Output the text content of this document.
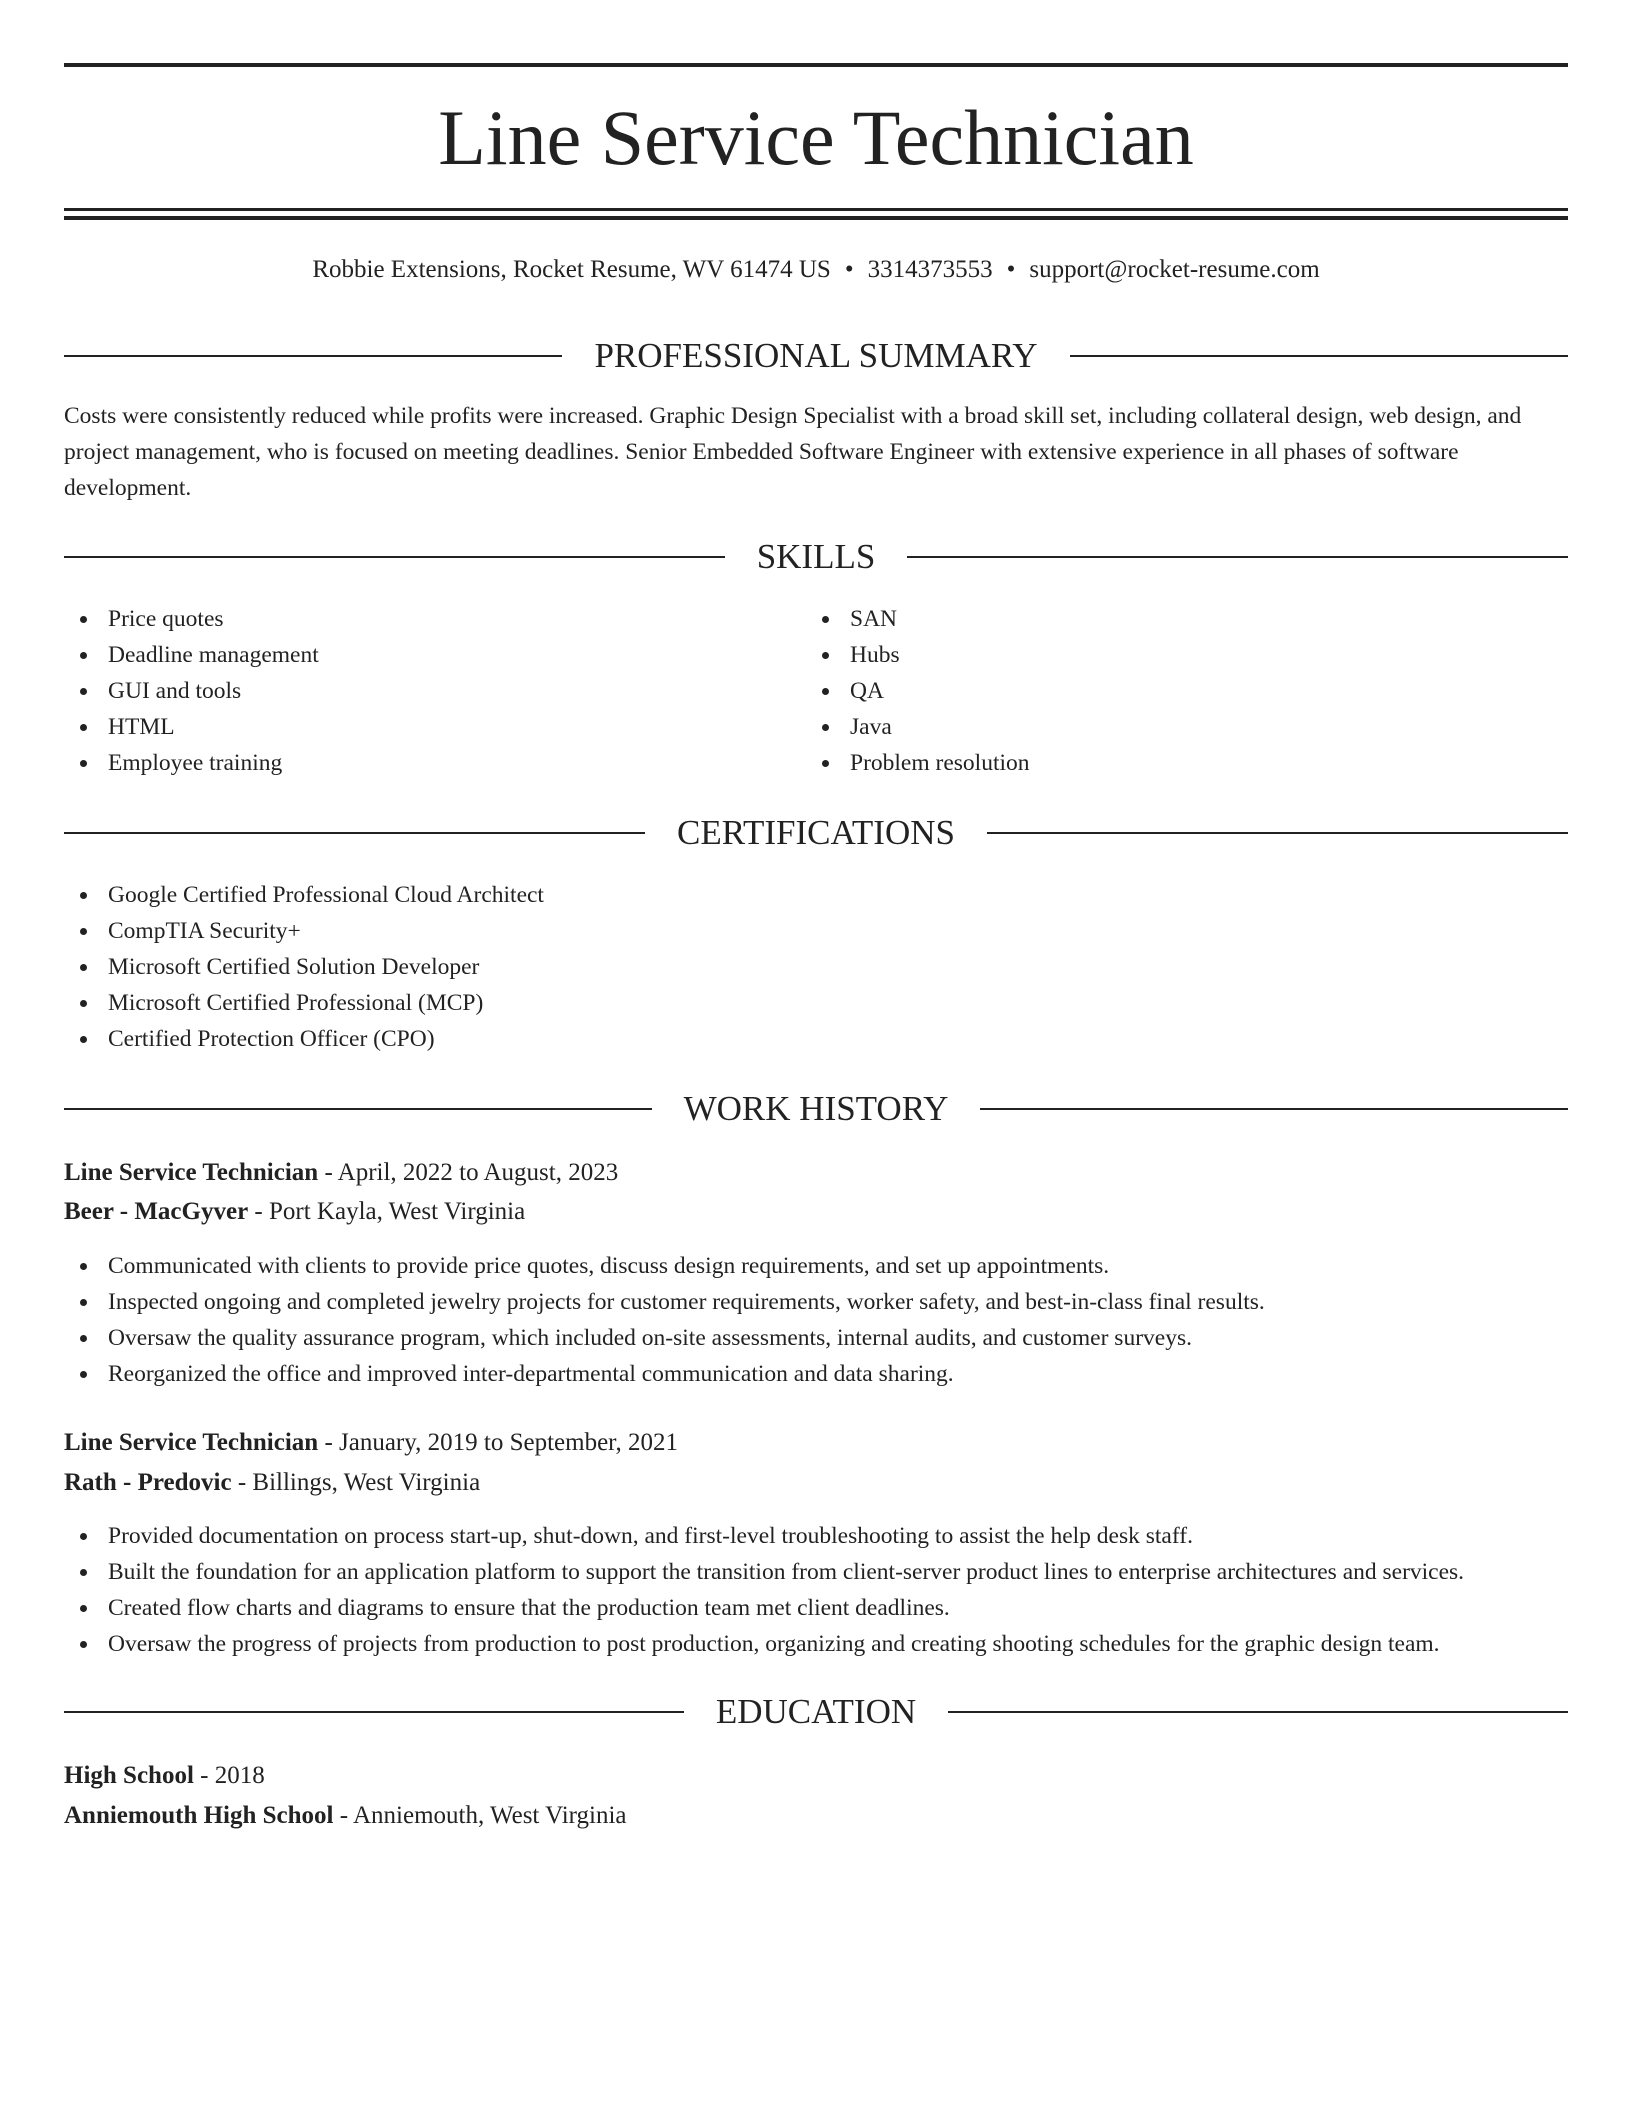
Line Service Technician
Robbie Extensions, Rocket Resume, WV 61474 US • 3314373553 • support@rocket-resume.com
PROFESSIONAL SUMMARY

Costs were consistently reduced while profits were increased. Graphic Design Specialist with a broad skill set, including collateral design, web design, and project management, who is focused on meeting deadlines. Senior Embedded Software Engineer with extensive experience in all phases of software development.

SKILLS
Price quotes
Deadline management
GUI and tools
HTML
Employee training
SAN
Hubs
QA
Java
Problem resolution
CERTIFICATIONS
Google Certified Professional Cloud Architect
CompTIA Security+
Microsoft Certified Solution Developer
Microsoft Certified Professional (MCP)
Certified Protection Officer (CPO)
WORK HISTORY
Line Service Technician - April, 2022 to August, 2023
Beer - MacGyver - Port Kayla, West Virginia
Communicated with clients to provide price quotes, discuss design requirements, and set up appointments.
Inspected ongoing and completed jewelry projects for customer requirements, worker safety, and best-in-class final results.
Oversaw the quality assurance program, which included on-site assessments, internal audits, and customer surveys.
Reorganized the office and improved inter-departmental communication and data sharing.
Line Service Technician - January, 2019 to September, 2021
Rath - Predovic - Billings, West Virginia
Provided documentation on process start-up, shut-down, and first-level troubleshooting to assist the help desk staff.
Built the foundation for an application platform to support the transition from client-server product lines to enterprise architectures and services.
Created flow charts and diagrams to ensure that the production team met client deadlines.
Oversaw the progress of projects from production to post production, organizing and creating shooting schedules for the graphic design team.
EDUCATION
High School - 2018
Anniemouth High School - Anniemouth, West Virginia
